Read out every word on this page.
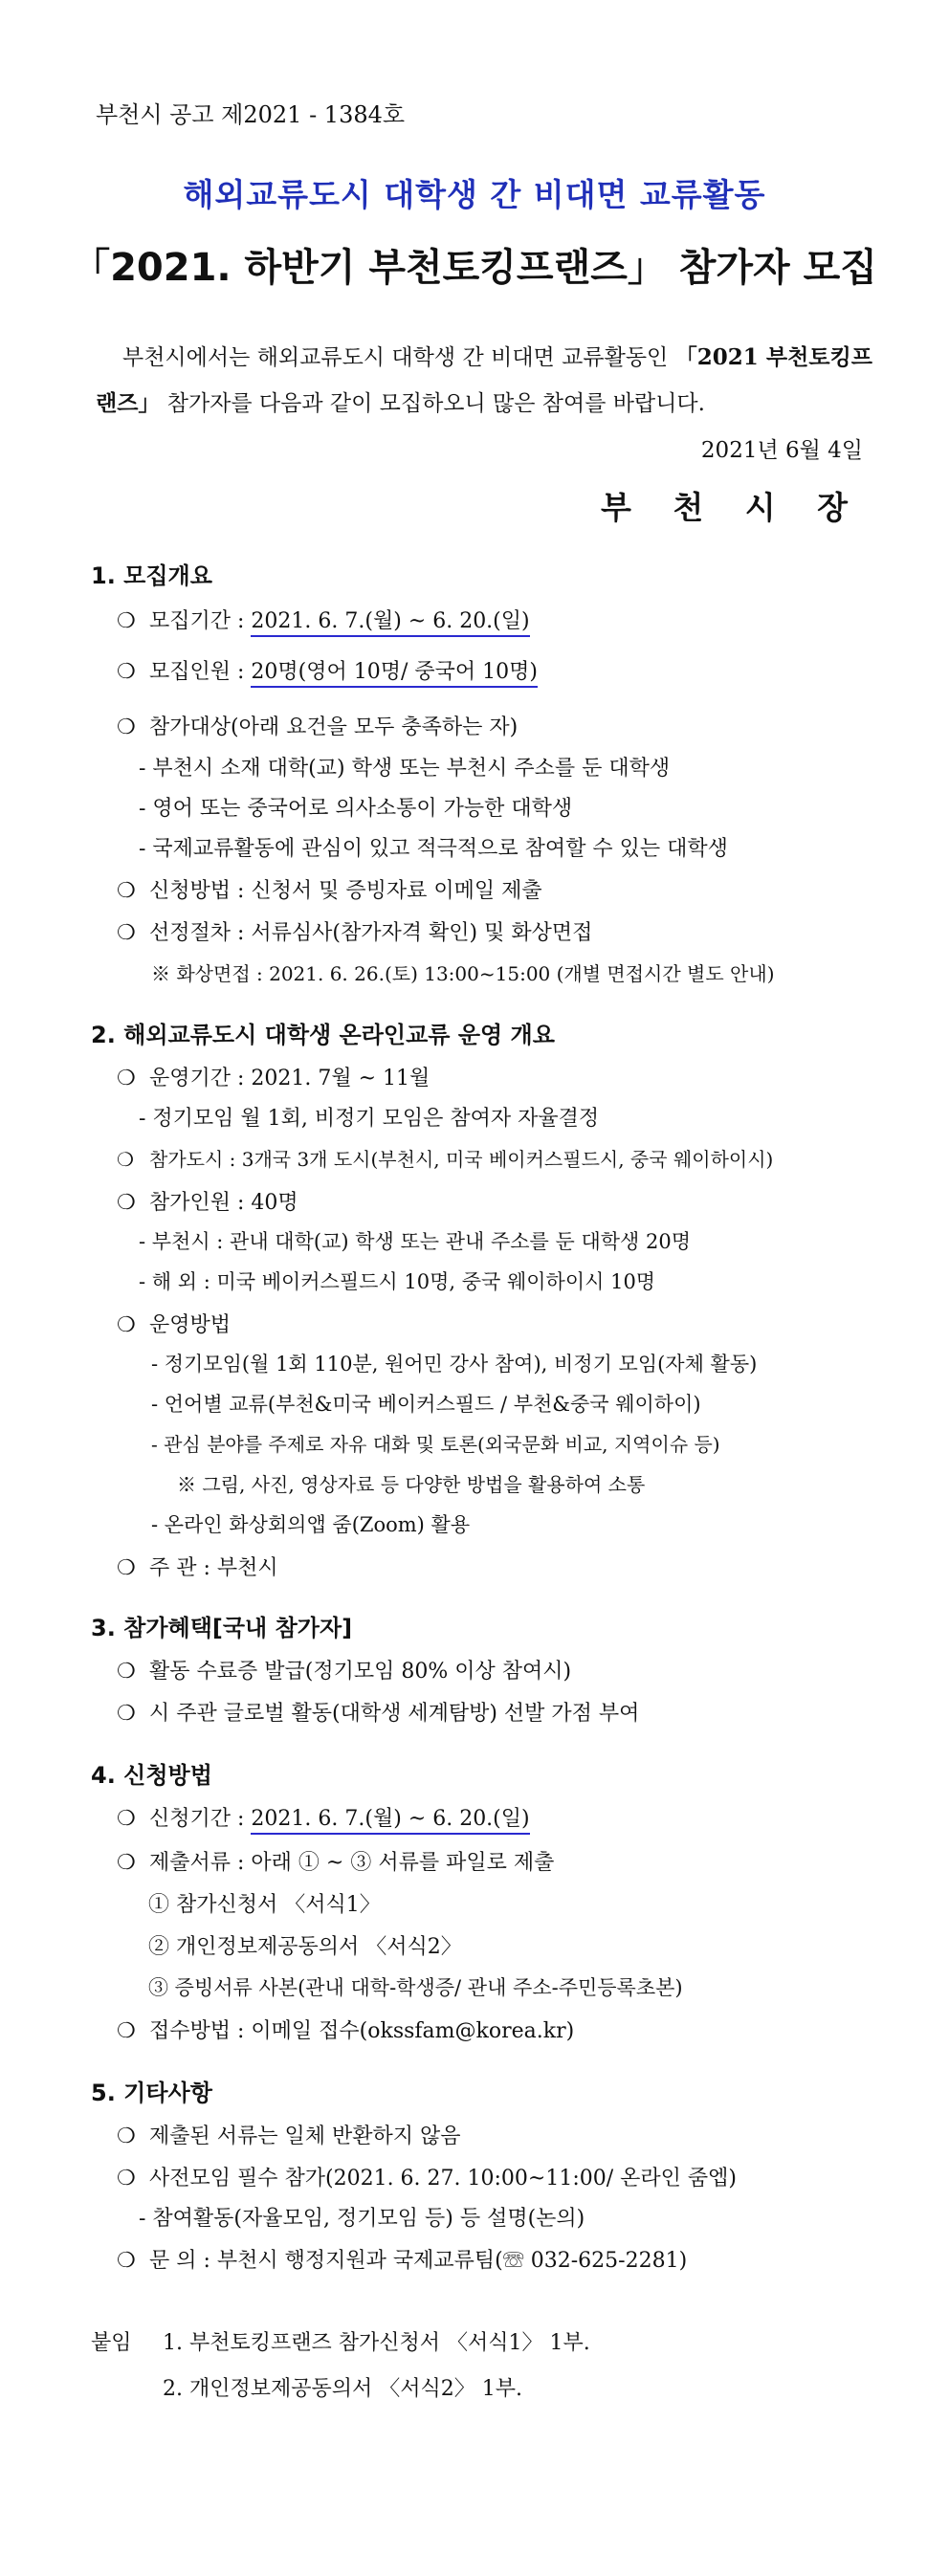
부천시 공고 제2021 - 1384호
해외교류도시 대학생 간 비대면 교류활동
「2021. 하반기 부천토킹프랜즈」 참가자 모집
부천시에서는 해외교류도시 대학생 간 비대면 교류활동인 「2021 부천토킹프랜즈」 참가자를 다음과 같이 모집하오니 많은 참여를 바랍니다.
2021년 6월 4일
부 천 시 장
1. 모집개요
❍ 모집기간 : 2021. 6. 7.(월) ~ 6. 20.(일)
❍ 모집인원 : 20명(영어 10명/ 중국어 10명)
❍ 참가대상(아래 요건을 모두 충족하는 자)
- 부천시 소재 대학(교) 학생 또는 부천시 주소를 둔 대학생
- 영어 또는 중국어로 의사소통이 가능한 대학생
- 국제교류활동에 관심이 있고 적극적으로 참여할 수 있는 대학생
❍ 신청방법 : 신청서 및 증빙자료 이메일 제출
❍ 선정절차 : 서류심사(참가자격 확인) 및 화상면접
※ 화상면접 : 2021. 6. 26.(토) 13:00~15:00 (개별 면접시간 별도 안내)
2. 해외교류도시 대학생 온라인교류 운영 개요
❍ 운영기간 : 2021. 7월 ~ 11월
- 정기모임 월 1회, 비정기 모임은 참여자 자율결정
❍ 참가도시 : 3개국 3개 도시(부천시, 미국 베이커스필드시, 중국 웨이하이시)
❍ 참가인원 : 40명
- 부천시 : 관내 대학(교) 학생 또는 관내 주소를 둔 대학생 20명
- 해 외 : 미국 베이커스필드시 10명, 중국 웨이하이시 10명
❍ 운영방법
- 정기모임(월 1회 110분, 원어민 강사 참여), 비정기 모임(자체 활동)
- 언어별 교류(부천&미국 베이커스필드 / 부천&중국 웨이하이)
- 관심 분야를 주제로 자유 대화 및 토론(외국문화 비교, 지역이슈 등)
※ 그림, 사진, 영상자료 등 다양한 방법을 활용하여 소통
- 온라인 화상회의앱 줌(Zoom) 활용
❍ 주 관 : 부천시
3. 참가혜택[국내 참가자]
❍ 활동 수료증 발급(정기모임 80% 이상 참여시)
❍ 시 주관 글로벌 활동(대학생 세계탐방) 선발 가점 부여
4. 신청방법
❍ 신청기간 : 2021. 6. 7.(월) ~ 6. 20.(일)
❍ 제출서류 : 아래 ① ~ ③ 서류를 파일로 제출
① 참가신청서 〈서식1〉
② 개인정보제공동의서 〈서식2〉
③ 증빙서류 사본(관내 대학-학생증/ 관내 주소-주민등록초본)
❍ 접수방법 : 이메일 접수(okssfam@korea.kr)
5. 기타사항
❍ 제출된 서류는 일체 반환하지 않음
❍ 사전모임 필수 참가(2021. 6. 27. 10:00~11:00/ 온라인 줌엡)
- 참여활동(자율모임, 정기모임 등) 등 설명(논의)
❍ 문 의 : 부천시 행정지원과 국제교류팀(☏ 032-625-2281)
붙임 1. 부천토킹프랜즈 참가신청서 〈서식1〉 1부.
2. 개인정보제공동의서 〈서식2〉 1부.
